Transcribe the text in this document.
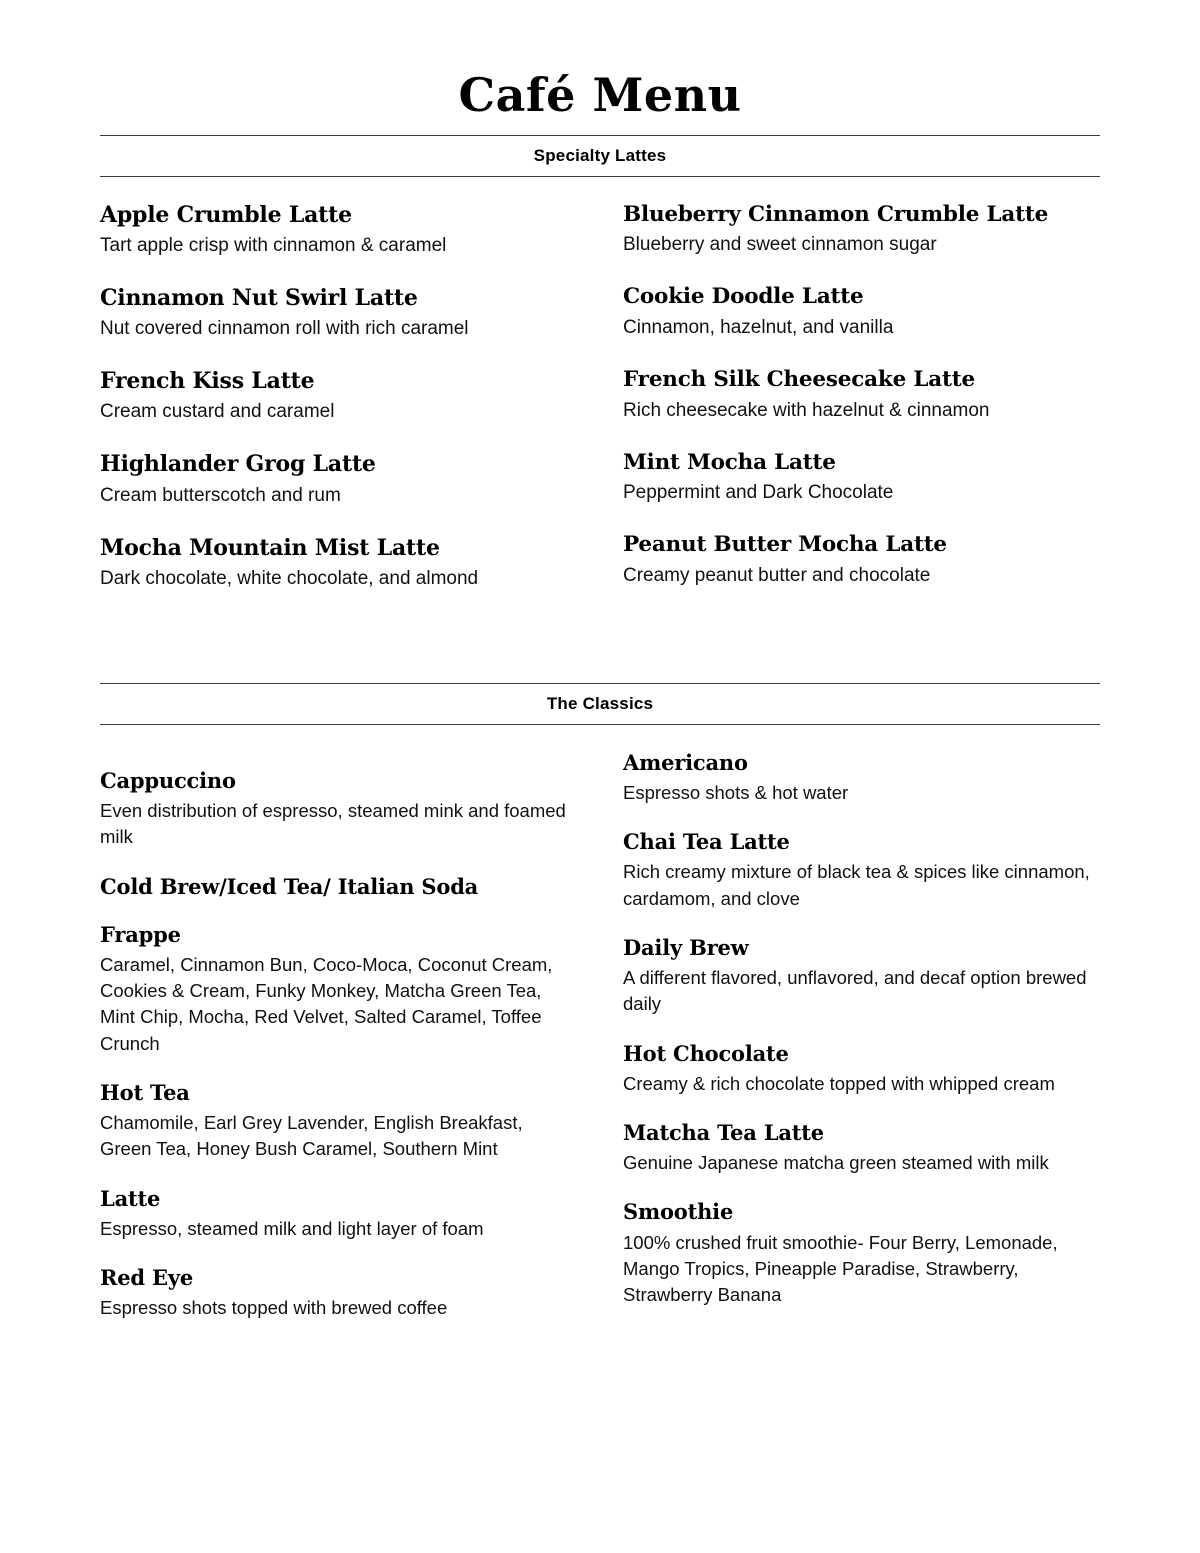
Café Menu
Specialty Lattes
Apple Crumble Latte
Tart apple crisp with cinnamon & caramel
Cinnamon Nut Swirl Latte
Nut covered cinnamon roll with rich caramel
French Kiss Latte
Cream custard and caramel
Highlander Grog Latte
Cream butterscotch and rum
Mocha Mountain Mist Latte
Dark chocolate, white chocolate, and almond
Blueberry Cinnamon Crumble Latte
Blueberry and sweet cinnamon sugar
Cookie Doodle Latte
Cinnamon, hazelnut, and vanilla
French Silk Cheesecake Latte
Rich cheesecake with hazelnut & cinnamon
Mint Mocha Latte
Peppermint and Dark Chocolate
Peanut Butter Mocha Latte
Creamy peanut butter and chocolate
The Classics
Cappuccino
Even distribution of espresso, steamed mink and foamed milk
Cold Brew/Iced Tea/ Italian Soda
Frappe
Caramel, Cinnamon Bun, Coco-Moca, Coconut Cream, Cookies & Cream, Funky Monkey, Matcha Green Tea, Mint Chip, Mocha, Red Velvet, Salted Caramel, Toffee Crunch
Hot Tea
Chamomile, Earl Grey Lavender, English Breakfast, Green Tea, Honey Bush Caramel, Southern Mint
Latte
Espresso, steamed milk and light layer of foam
Red Eye
Espresso shots topped with brewed coffee
Americano
Espresso shots & hot water
Chai Tea Latte
Rich creamy mixture of black tea & spices like cinnamon, cardamom, and clove
Daily Brew
A different flavored, unflavored, and decaf option brewed daily
Hot Chocolate
Creamy & rich chocolate topped with whipped cream
Matcha Tea Latte
Genuine Japanese matcha green steamed with milk
Smoothie
100% crushed fruit smoothie- Four Berry, Lemonade, Mango Tropics, Pineapple Paradise, Strawberry, Strawberry Banana
